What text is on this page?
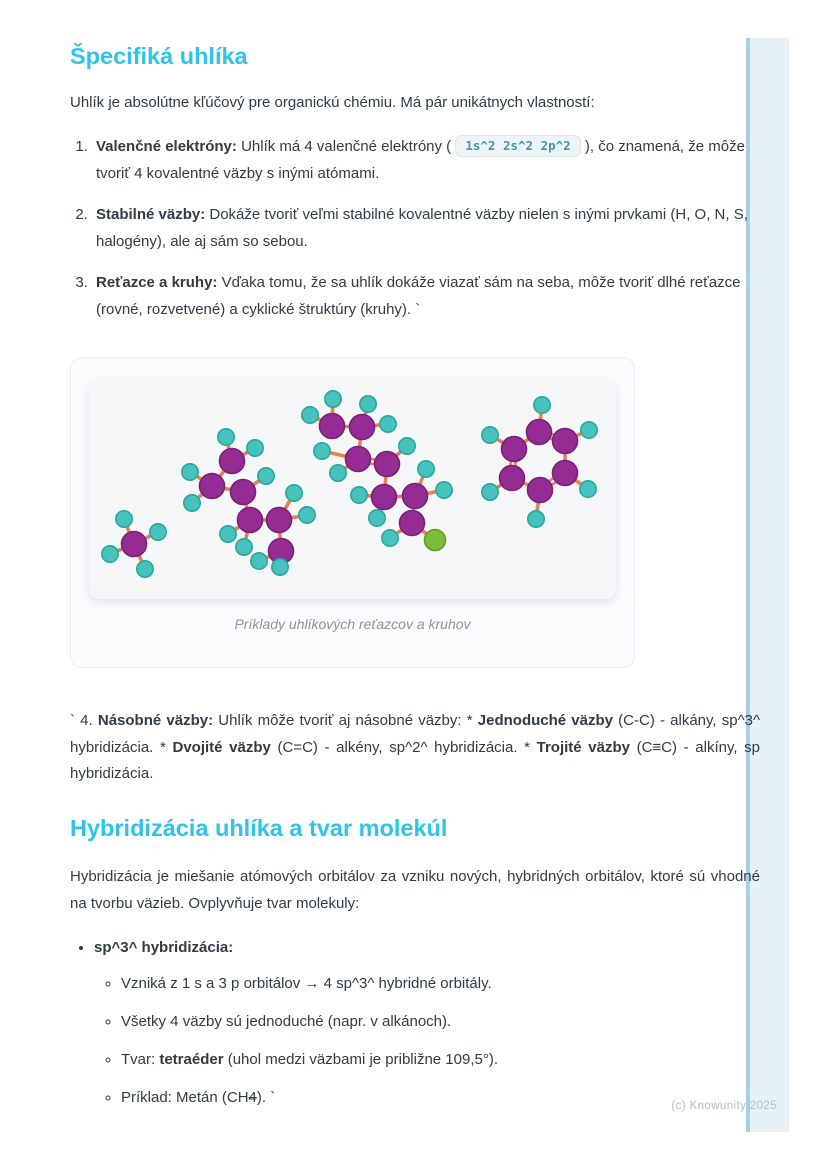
Špecifiká uhlíka

Uhlík je absolútne kľúčový pre organickú chémiu. Má pár unikátnych vlastností:

1. Valenčné elektróny: Uhlík má 4 valenčné elektróny ( 1s^2 2s^2 2p^2 ), čo znamená, že môže tvoriť 4 kovalentné väzby s inými atómami.
2. Stabilné väzby: Dokáže tvoriť veľmi stabilné kovalentné väzby nielen s inými prvkami (H, O, N, S, halogény), ale aj sám so sebou.
3. Reťazce a kruhy: Vďaka tomu, že sa uhlík dokáže viazať sám na seba, môže tvoriť dlhé reťazce (rovné, rozvetvené) a cyklické štruktúry (kruhy). `
Príklady uhlíkových reťazcov a kruhov

` 4. Násobné väzby: Uhlík môže tvoriť aj násobné väzby: * Jednoduché väzby (C-C) - alkány, sp^3^ hybridizácia. * Dvojité väzby (C=C) - alkény, sp^2^ hybridizácia. * Trojité väzby (C≡C) - alkíny, sp hybridizácia.

Hybridizácia uhlíka a tvar molekúl

Hybridizácia je miešanie atómových orbitálov za vzniku nových, hybridných orbitálov, ktoré sú vhodné na tvorbu väzieb. Ovplyvňuje tvar molekuly:

• sp^3^ hybridizácia:
◦ Vzniká z 1 s a 3 p orbitálov → 4 sp^3^ hybridné orbitály.
◦ Všetky 4 väzby sú jednoduché (napr. v alkánoch).
◦ Tvar: tetraéder (uhol medzi väzbami je približne 109,5°).
◦ Príklad: Metán (CH4). `	(c) Knowunity 2025
